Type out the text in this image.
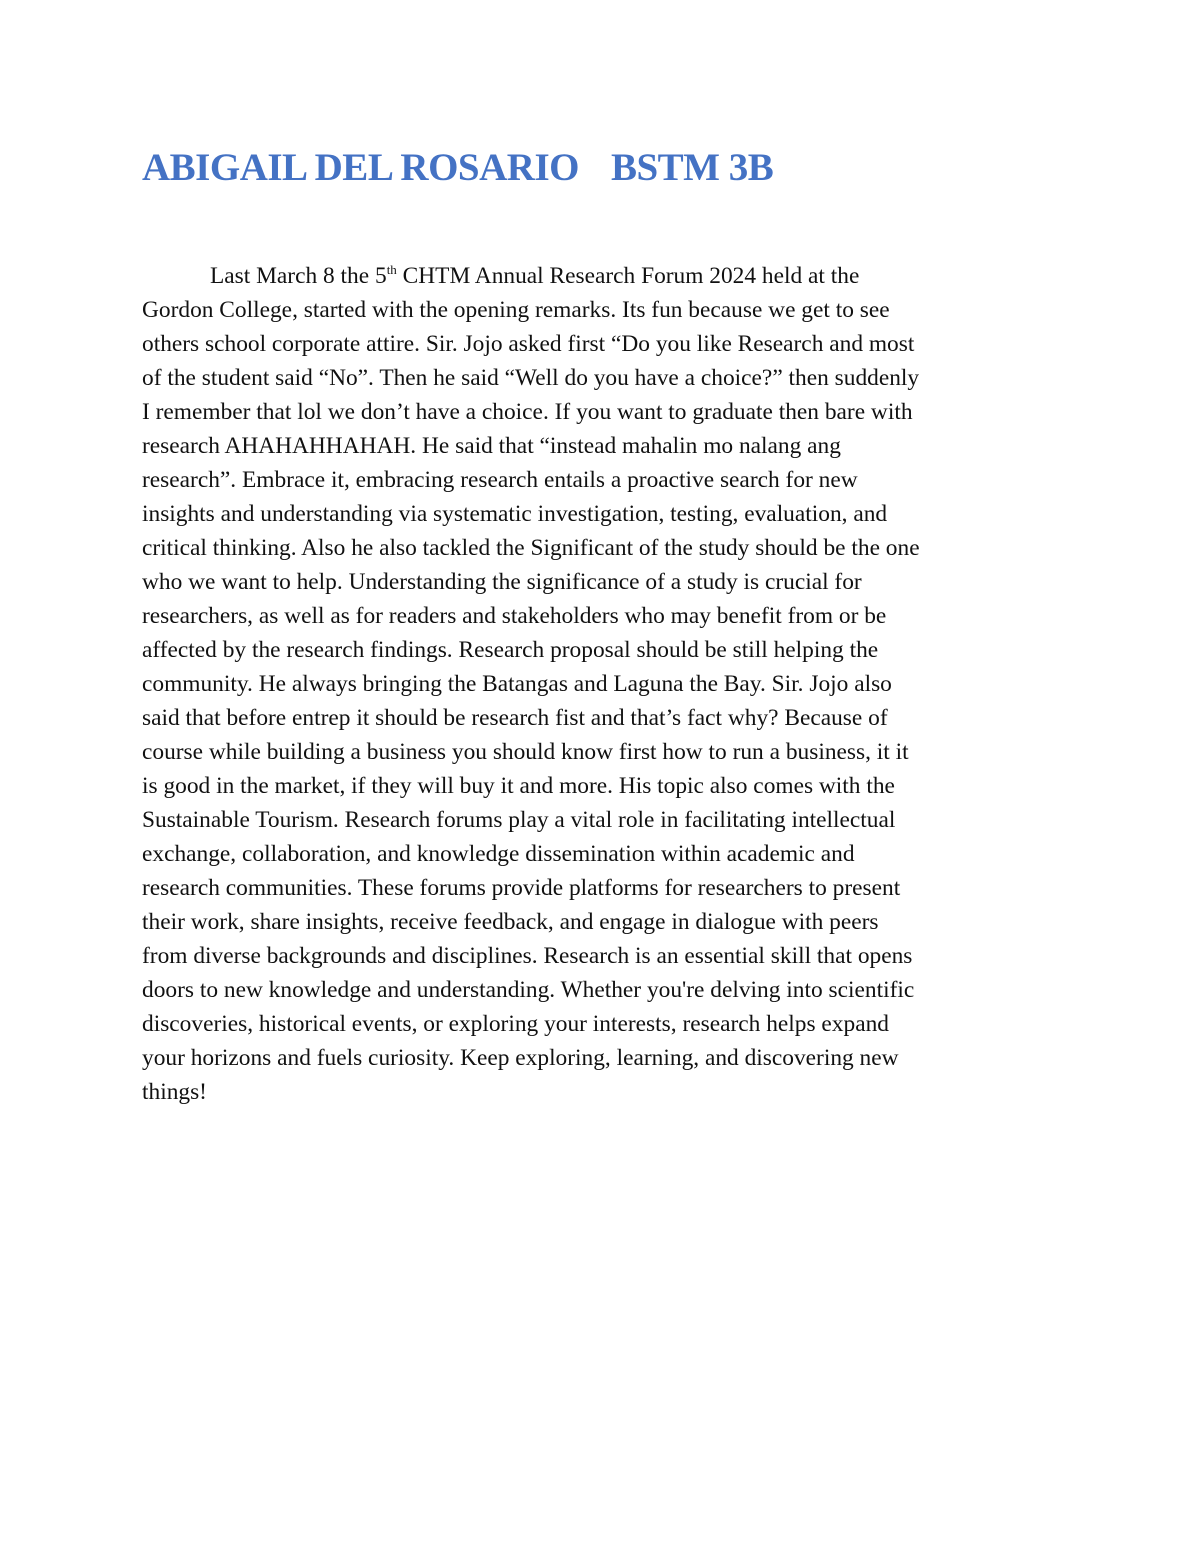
ABIGAIL DEL ROSARIO BSTM 3B
Last March 8 the 5th CHTM Annual Research Forum 2024 held at the
Gordon College, started with the opening remarks. Its fun because we get to see
others school corporate attire. Sir. Jojo asked first “Do you like Research and most
of the student said “No”. Then he said “Well do you have a choice?” then suddenly
I remember that lol we don’t have a choice. If you want to graduate then bare with
research AHAHAHHAHAH. He said that “instead mahalin mo nalang ang
research”. Embrace it, embracing research entails a proactive search for new
insights and understanding via systematic investigation, testing, evaluation, and
critical thinking. Also he also tackled the Significant of the study should be the one
who we want to help. Understanding the significance of a study is crucial for
researchers, as well as for readers and stakeholders who may benefit from or be
affected by the research findings. Research proposal should be still helping the
community. He always bringing the Batangas and Laguna the Bay. Sir. Jojo also
said that before entrep it should be research fist and that’s fact why? Because of
course while building a business you should know first how to run a business, it it
is good in the market, if they will buy it and more. His topic also comes with the
Sustainable Tourism. Research forums play a vital role in facilitating intellectual
exchange, collaboration, and knowledge dissemination within academic and
research communities. These forums provide platforms for researchers to present
their work, share insights, receive feedback, and engage in dialogue with peers
from diverse backgrounds and disciplines. Research is an essential skill that opens
doors to new knowledge and understanding. Whether you're delving into scientific
discoveries, historical events, or exploring your interests, research helps expand
your horizons and fuels curiosity. Keep exploring, learning, and discovering new
things!
